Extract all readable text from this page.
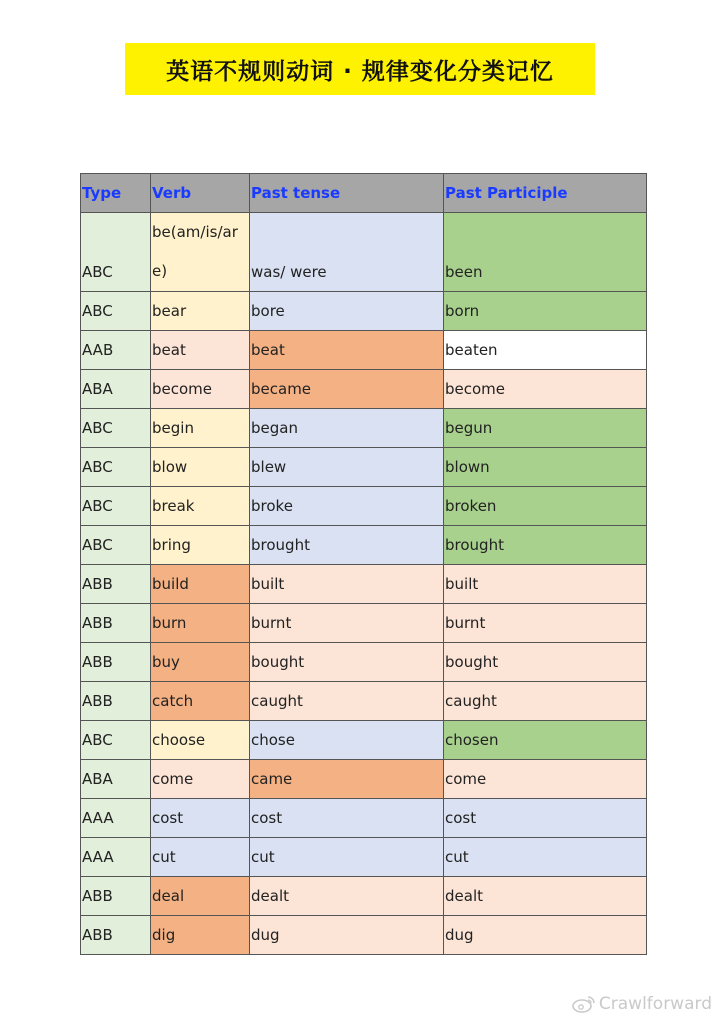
英语不规则动词 · 规律变化分类记忆
Type	Verb	Past tense	Past Participle
ABC	be(am/is/are)	was/ were	been
ABC	bear	bore	born
AAB	beat	beat	beaten
ABA	become	became	become
ABC	begin	began	begun
ABC	blow	blew	blown
ABC	break	broke	broken
ABC	bring	brought	brought
ABB	build	built	built
ABB	burn	burnt	burnt
ABB	buy	bought	bought
ABB	catch	caught	caught
ABC	choose	chose	chosen
ABA	come	came	come
AAA	cost	cost	cost
AAA	cut	cut	cut
ABB	deal	dealt	dealt
ABB	dig	dug	dug
Crawlforward
